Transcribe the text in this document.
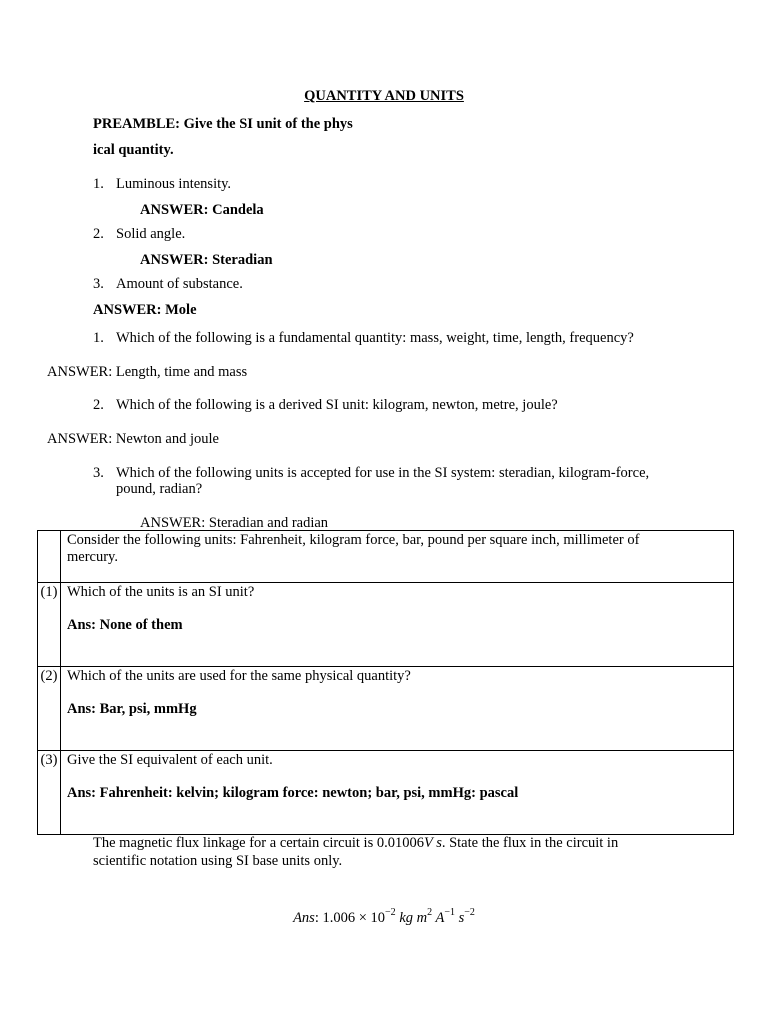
QUANTITY AND UNITS
PREAMBLE: Give the SI unit of the phys
ical quantity.
1. Luminous intensity.
ANSWER: Candela
2. Solid angle.
ANSWER: Steradian
3. Amount of substance.
ANSWER: Mole
1. Which of the following is a fundamental quantity: mass, weight, time, length, frequency?
ANSWER: Length, time and mass
2. Which of the following is a derived SI unit: kilogram, newton, metre, joule?
ANSWER: Newton and joule
3. Which of the following units is accepted for use in the SI system: steradian, kilogram-force,
pound, radian?
ANSWER: Steradian and radian

	Consider the following units: Fahrenheit, kilogram force, bar, pound per square inch, millimeter of
mercury.

(1)	Which of the units is an SI unit?
Ans: None of them

(2)	Which of the units are used for the same physical quantity?
Ans: Bar, psi, mmHg

(3)	Give the SI equivalent of each unit.
Ans: Fahrenheit: kelvin; kilogram force: newton; bar, psi, mmHg: pascal
The magnetic flux linkage for a certain circuit is 0.01006V s. State the flux in the circuit in
scientific notation using SI base units only.
Ans: $1.006 \times 10^{-2}$ kg $m^2$ $A^{-1}$ $s^{-2}$
